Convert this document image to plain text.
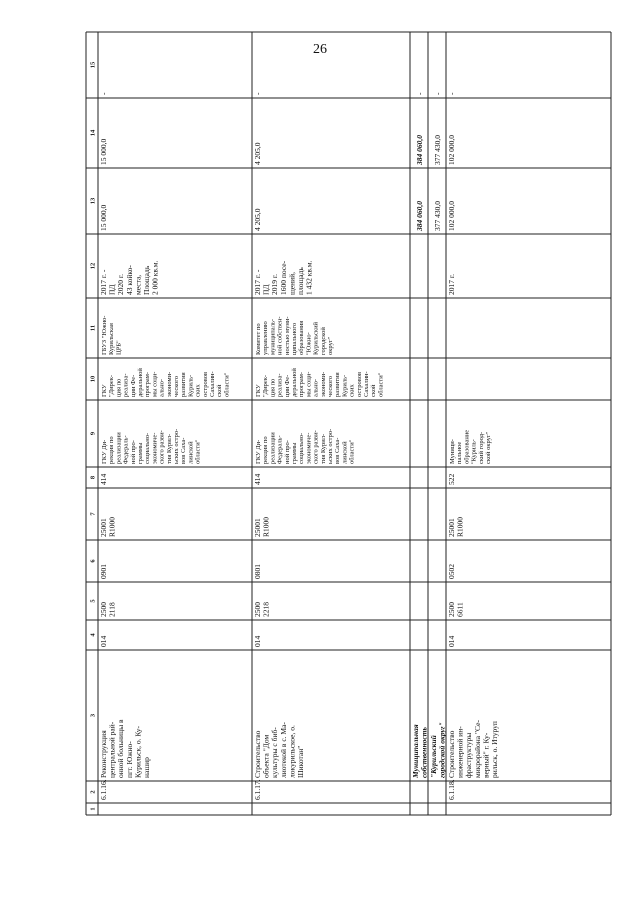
26
1
2
3
4
5
6
7
8
9
10
11
12
13
14
15
6.1.16.
Реконструкцияцентральной рай-онной больницы впгт. Южно-Курильск, о. Ку-нашир
014
25002118
0901
25001R1000
414
ГКУ Ди-рекция пореализацииФедераль-ной про-граммысоциально-экономиче-ского разви-тия Курил-ьских остро-вов Саха-линскойобласти"
ГКУ"Дирек-ция пореализа-ции Фе-деральнойпрограм-мы соци-ально-экономи-ческогоразвитияКуриль-скихострововСахалин-скойобласти"
ГБУЗ "Южно-КурильскаяЦРБ"
2017 г. -ПД2020 г.43 койко-места,Площадь2 000 кв.м.
15 000,0
15 000,0
-
6.1.17.
Строительствообъекта "Домкультуры с биб-лиотекой в с. Ма-локурильское, о.Шикотан"
014
25002218
0801
25001R1000
414
ГКУ Ди-рекция пореализацииФедераль-ной про-граммысоциально-экономиче-ского разви-тия Курил-ьских остро-вов Саха-линскойобласти"
ГКУ"Дирек-ция пореализа-ции Фе-деральнойпрограм-мы соци-ально-экономи-ческогоразвитияКуриль-скихострововСахалин-скойобласти"
Комитет поуправлениюмуниципаль-ной собствен-ностью муни-ципальногообразования"Южно-Курильскийгородскойокруг"
2017 г. -ПД2019 г.1600 посе-щений,площадь1 432 кв.м.
4 205,0
4 205,0
-
Муниципальнаясобственность
384 060,0
384 060,0
-
"Курильскийгородской округ"
377 430,0
377 430,0
-
6.1.18.
Строительствоинженерной ин-фраструктурымикрорайона "Се-верный" г. Ку-рильск, о. Итуруп
014
25006611
0502
25001R1000
522
Муници-пальноеобразование"Куриль-ский город-ской округ"
2017 г.
102 000,0
102 000,0
-
